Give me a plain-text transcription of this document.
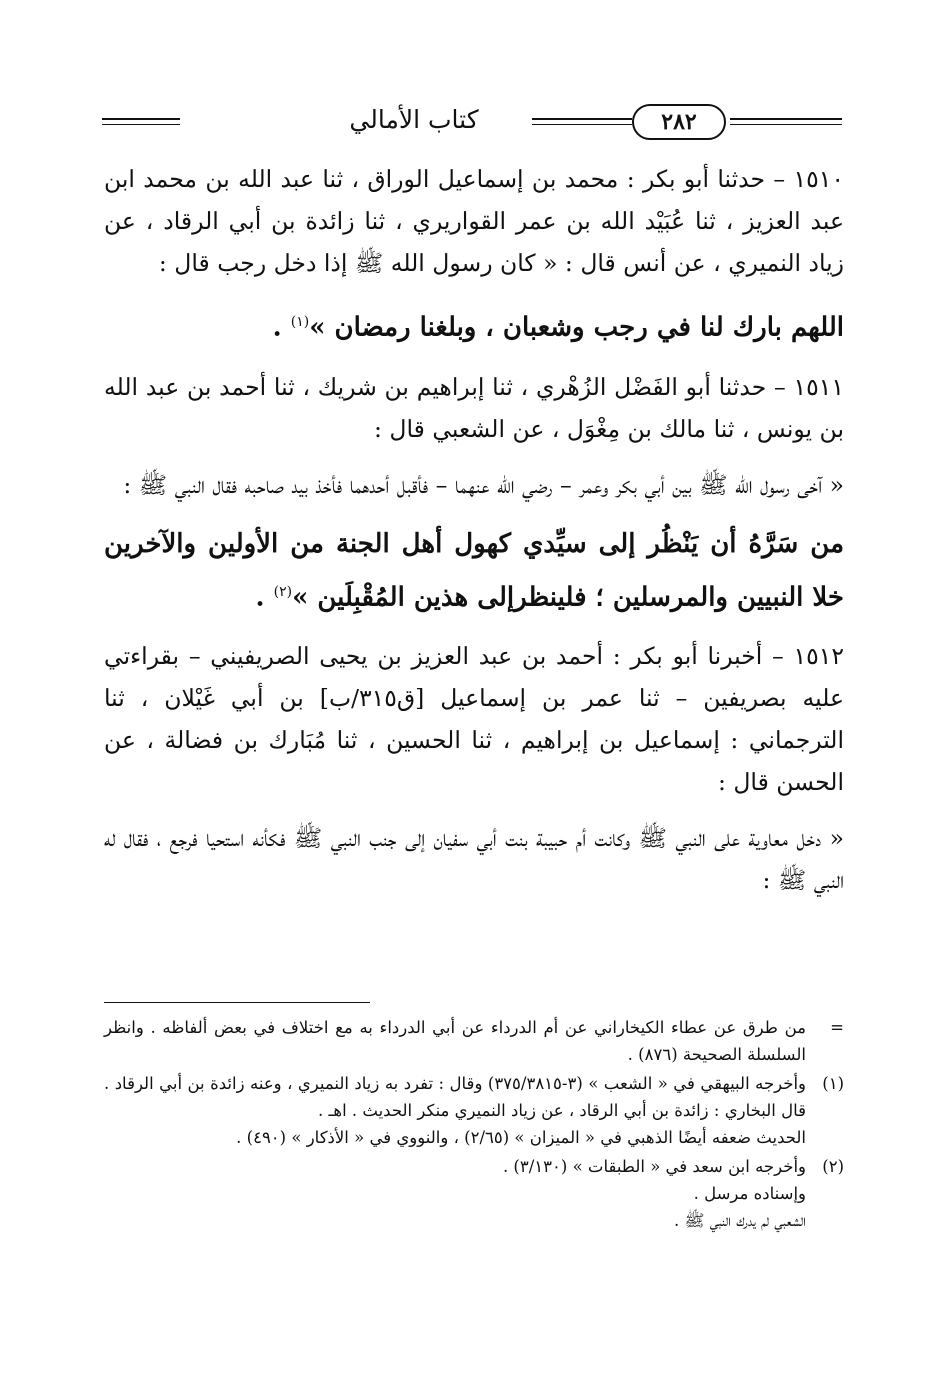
٢٨٢
كتاب الأمالي

١٥١٠ – حدثنا أبو بكر : محمد بن إسماعيل الوراق ، ثنا عبد الله بن محمد ابن عبد العزيز ، ثنا عُبَيْد الله بن عمر القواريري ، ثنا زائدة بن أبي الرقاد ، عن زياد النميري ، عن أنس قال : « كان رسول الله ﷺ إذا دخل رجب قال :

اللهم بارك لنا في رجب وشعبان ، وبلغنا رمضان »$^{(١)}$ .

١٥١١ – حدثنا أبو الفَضْل الزُهْري ، ثنا إبراهيم بن شريك ، ثنا أحمد بن عبد الله بن يونس ، ثنا مالك بن مِغْوَل ، عن الشعبي قال :

« آخى رسول الله ﷺ بين أبي بكر وعمر – رضي الله عنهما – فأقبل أحدهما فأخذ بيد صاحبه فقال النبي ﷺ :

من سَرَّهُ أن يَنْظُر إلى سيِّدي كهول أهل الجنة من الأولين والآخرين خلا النبيين والمرسلين ؛ فلينظرإلى هذين المُقْبِلَين »$^{(٢)}$ .

١٥١٢ – أخبرنا أبو بكر : أحمد بن عبد العزيز بن يحيى الصريفيني – بقراءتي عليه بصريفين – ثنا عمر بن إسماعيل [ق٣١٥/ب] بن أبي غَيْلان ، ثنا الترجماني : إسماعيل بن إبراهيم ، ثنا الحسين ، ثنا مُبَارك بن فضالة ، عن الحسن قال :

« دخل معاوية على النبي ﷺ وكانت أم حبيبة بنت أبي سفيان إلى جنب النبي ﷺ فكأنه استحيا فرجع ، فقال له النبي ﷺ :

=
من طرق عن عطاء الكيخاراني عن أم الدرداء عن أبي الدرداء به مع اختلاف في بعض ألفاظه . وانظر السلسلة الصحيحة (٨٧٦) .
(١)
وأخرجه البيهقي في « الشعب » (٣-٣٧٥/٣٨١٥) وقال : تفرد به زياد النميري ، وعنه زائدة بن أبي الرقاد . قال البخاري : زائدة بن أبي الرقاد ، عن زياد النميري منكر الحديث . اهـ .
الحديث ضعفه أيضًا الذهبي في « الميزان » (٢/٦٥) ، والنووي في « الأذكار » (٤٩٠) .
(٢)
وأخرجه ابن سعد في « الطبقات » (٣/١٣٠) .
وإسناده مرسل .
الشعبي لم يدرك النبي ﷺ .
